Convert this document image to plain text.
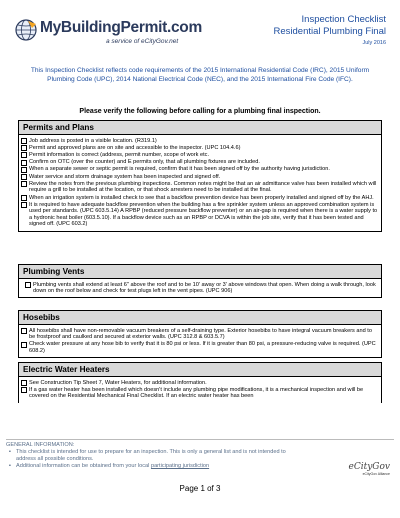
MyBuildingPermit.com
a service of eCityGov.net
Inspection Checklist
Residential Plumbing Final
July 2016
This Inspection Checklist reflects code requirements of the 2015 International Residential Code (IRC), 2015 Uniform Plumbing Code (UPC), 2014 National Electrical Code (NEC), and the 2015 International Fire Code (IFC).
Please verify the following before calling for a plumbing final inspection.
Permits and Plans
Job address is posted in a visible location. (R319.1)
Permit and approved plans are on site and accessible to the inspector. (UPC 104.4.6)
Permit information is correct (address, permit number, scope of work etc.
Confirm on OTC (over the counter) and E permits only, that all plumbing fixtures are included.
When a separate sewer or septic permit is required, confirm that it has been signed off by the authority having jurisdiction.
Water service and storm drainage system has been inspected and signed off.
Review the notes from the previous plumbing inspections. Common notes might be that an air admittance valve has been installed which will require a grill to be installed at the location, or that shock arresters need to be installed at the final.
When an irrigation system is installed check to see that a backflow prevention device has been properly installed and signed off by the AHJ.
It is required to have adequate backflow prevention when the building has a fire sprinkler system unless an approved combination system is used per standards. (UPC 603.5.14) A RPBP (reduced pressure backflow preventer) or an air-gap is required when there is a water supply to a hydronic heat boiler (603.5.10). If a backflow device such as an RPBP or DCVA is within the job site, verify that it has been tested and signed off. (UPC 603.2)
Plumbing Vents
Plumbing vents shall extend at least 6" above the roof and to be 10' away or 3' above windows that open. When doing a walk through, look down on the roof below and check for test plugs left in the vent pipes. (UPC 906)
Hosebibs
All hosebibs shall have non-removable vacuum breakers of a self-draining type. Exterior hosebibs to have integral vacuum breakers and to be frostproof and caulked and secured at exterior walls. (UPC 312.8 & 603.5.7)
Check water pressure at any hose bib to verify that it is 80 psi or less. If it is greater than 80 psi, a pressure-reducing valve is required. (UPC 608.2)
Electric Water Heaters
See Construction Tip Sheet 7, Water Heaters, for additional information.
If a gas water heater has been installed which doesn't include any plumbing pipe modifications, it is a mechanical inspection and will be covered on the Residential Mechanical Final Checklist. If an electric water heater has been
GENERAL INFORMATION:
▪ This checklist is intended for use to prepare for an inspection. This is only a general list and is not intended to address all possible conditions.
▪ Additional information can be obtained from your local participating jurisdiction	eCityGov
eCityGov Alliance
Page 1 of 3
